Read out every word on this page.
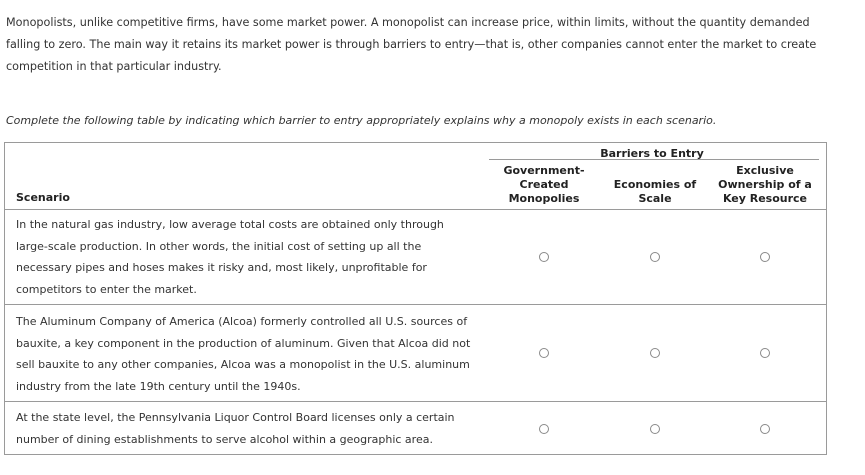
Monopolists, unlike competitive firms, have some market power. A monopolist can increase price, within limits, without the quantity demanded falling to zero. The main way it retains its market power is through barriers to entry—that is, other companies cannot enter the market to create competition in that particular industry.
Complete the following table by indicating which barrier to entry appropriately explains why a monopoly exists in each scenario.
Barriers to Entry
Government-Created Monopolies
Economies of Scale
Exclusive Ownership of a Key Resource
Scenario
In the natural gas industry, low average total costs are obtained only through large-scale production. In other words, the initial cost of setting up all the necessary pipes and hoses makes it risky and, most likely, unprofitable for competitors to enter the market.
The Aluminum Company of America (Alcoa) formerly controlled all U.S. sources of bauxite, a key component in the production of aluminum. Given that Alcoa did not sell bauxite to any other companies, Alcoa was a monopolist in the U.S. aluminum industry from the late 19th century until the 1940s.
At the state level, the Pennsylvania Liquor Control Board licenses only a certain number of dining establishments to serve alcohol within a geographic area.
